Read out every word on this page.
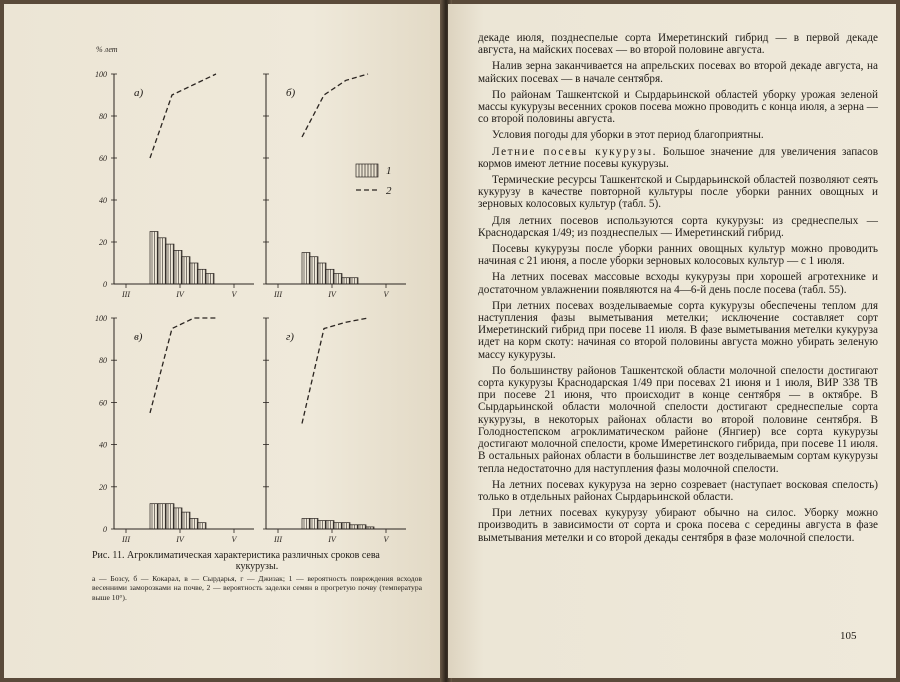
% лет
100
80
60
40
20
0
III	IV	V
а)
III	IV	V
б)
100
80
60
40
20
0
III	IV	V
в)
III	IV	V
г)
1
2
Рис. 11. Агроклиматическая характеристика различных сроков сева
кукурузы.
а — Бозсу, б — Кокарал, в — Сырдарья, г — Джизак; 1 — вероятность повреждения всходов весенними заморозками на почве, 2 — вероятность заделки семян в прогретую почву (температура выше 10°).

декаде июля, позднеспелые сорта Имеретинский гибрид — в первой декаде августа, на майских посевах — во второй половине августа.

Налив зерна заканчивается на апрельских посевах во второй декаде августа, на майских посевах — в начале сентября.

По районам Ташкентской и Сырдарьинской областей уборку урожая зеленой массы кукурузы весенних сроков посева можно проводить с конца июля, а зерна — со второй половины августа.

Условия погоды для уборки в этот период благоприятны.

Летние посевы кукурузы. Большое значение для увеличения запасов кормов имеют летние посевы кукурузы.

Термические ресурсы Ташкентской и Сырдарьинской областей позволяют сеять кукурузу в качестве повторной культуры после уборки ранних овощных и зерновых колосовых культур (табл. 5).

Для летних посевов используются сорта кукурузы: из среднеспелых — Краснодарская 1/49; из позднеспелых — Имеретинский гибрид.

Посевы кукурузы после уборки ранних овощных культур можно проводить начиная с 21 июня, а после уборки зерновых колосовых культур — с 1 июля.

На летних посевах массовые всходы кукурузы при хорошей агротехнике и достаточном увлажнении появляются на 4—6-й день после посева (табл. 55).

При летних посевах возделываемые сорта кукурузы обеспечены теплом для наступления фазы выметывания метелки; исключение составляет сорт Имеретинский гибрид при посеве 11 июля. В фазе выметывания метелки кукуруза идет на корм скоту: начиная со второй половины августа можно убирать зеленую массу кукурузы.

По большинству районов Ташкентской области молочной спелости достигают сорта кукурузы Краснодарская 1/49 при посевах 21 июня и 1 июля, ВИР 338 ТВ при посеве 21 июня, что происходит в конце сентября — в октябре. В Сырдарьинской области молочной спелости достигают среднеспелые сорта кукурузы, в некоторых районах области во второй половине сентября. В Голодностепском агроклиматическом районе (Янгиер) все сорта кукурузы достигают молочной спелости, кроме Имеретинского гибрида, при посеве 11 июля. В остальных районах области в большинстве лет возделываемым сортам кукурузы тепла недостаточно для наступления фазы молочной спелости.

На летних посевах кукуруза на зерно созревает (наступает восковая спелость) только в отдельных районах Сырдарьинской области.

При летних посевах кукурузу убирают обычно на силос. Уборку можно производить в зависимости от сорта и срока посева с середины августа в фазе выметывания метелки и со второй декады сентября в фазе молочной спелости.

105
